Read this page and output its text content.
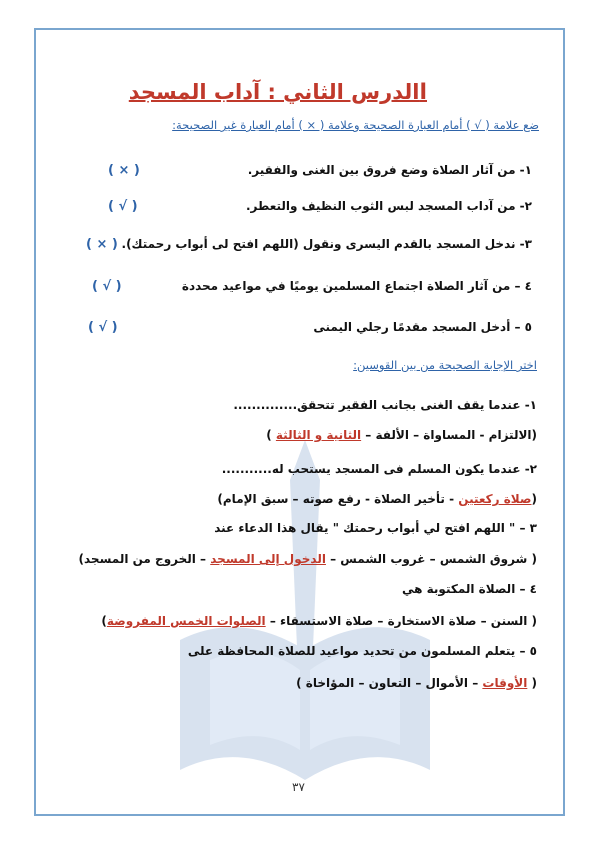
االدرس الثاني : آداب المسجد
ضع علامة ( √ ) أمام العبارة الصحيحة وعلامة ( × ) أمام العبارة غير الصحيحة:
١- من آثار الصلاة وضع فروق بين الغنى والفقير.
( × )
٢- من آداب المسجد لبس الثوب النظيف والتعطر.
( √ )
٣- ندخل المسجد بالقدم اليسرى ونقول (اللهم افتح لى أبواب رحمتك).
( × )
٤ – من آثار الصلاة اجتماع المسلمين يوميًا في مواعيد محددة
( √ )
٥ – أدخل المسجد مقدمًا رجلي اليمنى
( √ )
اختر الإجابة الصحيحة من بين القوسين:
١- عندما يقف الغنى بجانب الفقير تتحقق..............
(الالتزام - المساواة – الألفة – الثانية و الثالثة )
٢- عندما يكون المسلم فى المسجد يستحب له...........
(صلاة ركعتين - تأخير الصلاة - رفع صوته – سبق الإمام)
٣ – " اللهم افتح لي أبواب رحمتك " يقال هذا الدعاء عند
( شروق الشمس – غروب الشمس – الدخول إلى المسجد – الخروج من المسجد)
٤ – الصلاة المكتوبة هي
( السنن – صلاة الاستخارة – صلاة الاستسقاء – الصلوات الخمس المفروضة)
٥ – يتعلم المسلمون من تحديد مواعيد للصلاة المحافظة على
( الأوقات – الأموال – التعاون – المؤاخاة )
٣٧
